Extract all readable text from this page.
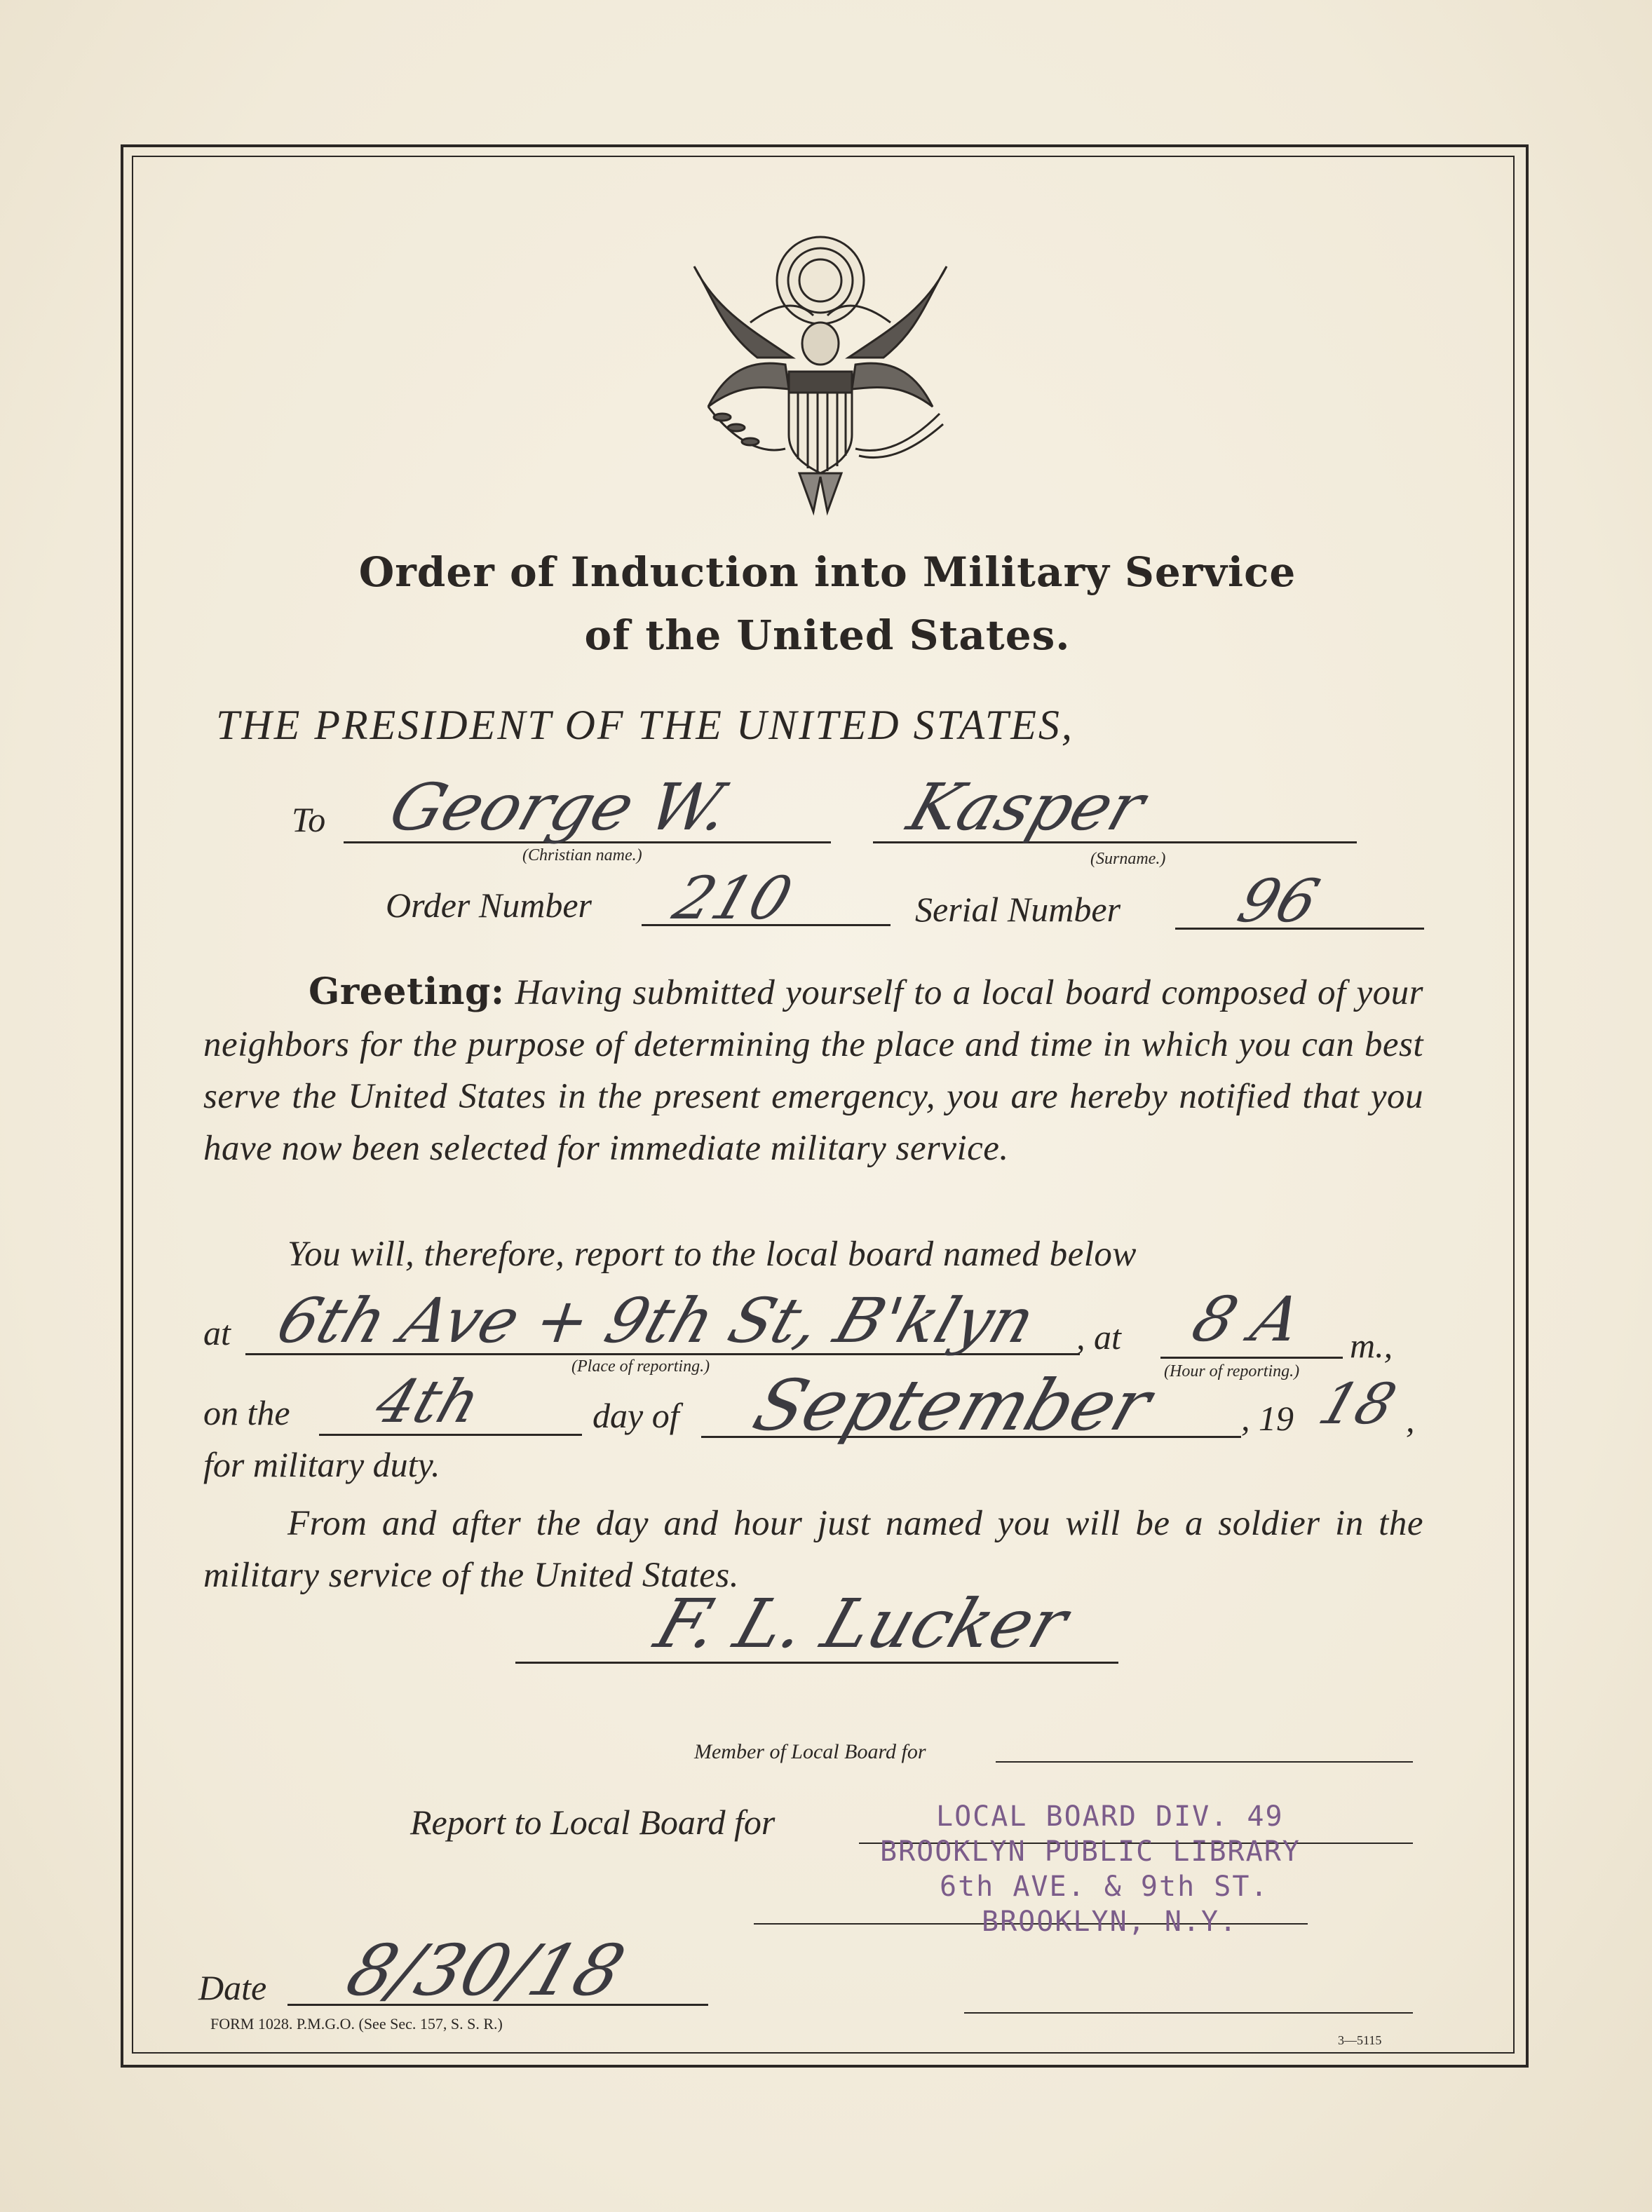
Order of Induction into Military Service
of the United States.
THE PRESIDENT OF THE UNITED STATES,
To George W.
(Christian name.)
Kasper
(Surname.)
Order Number 210	Serial Number 96
Greeting: Having submitted yourself to a local board composed of your neighbors for the purpose of determining the place and time in which you can best serve the United States in the present emergency, you are hereby notified that you have now been selected for immediate military service.
You will, therefore, report to the local board named below
at 6th Ave + 9th St, B'klyn
(Place of reporting.)
, at 8 A
(Hour of reporting.)
m.,
on the 4th	day of September , 19 18 ,
for military duty.
From and after the day and hour just named you will be a soldier in the military service of the United States.
F. L. Lucker
Member of Local Board for
Report to Local Board for	LOCAL BOARD DIV. 49
BROOKLYN PUBLIC LIBRARY
6th AVE. & 9th ST.
BROOKLYN, N.Y.
Date 8/30/18
FORM 1028. P.M.G.O. (See Sec. 157, S. S. R.)
3—5115
